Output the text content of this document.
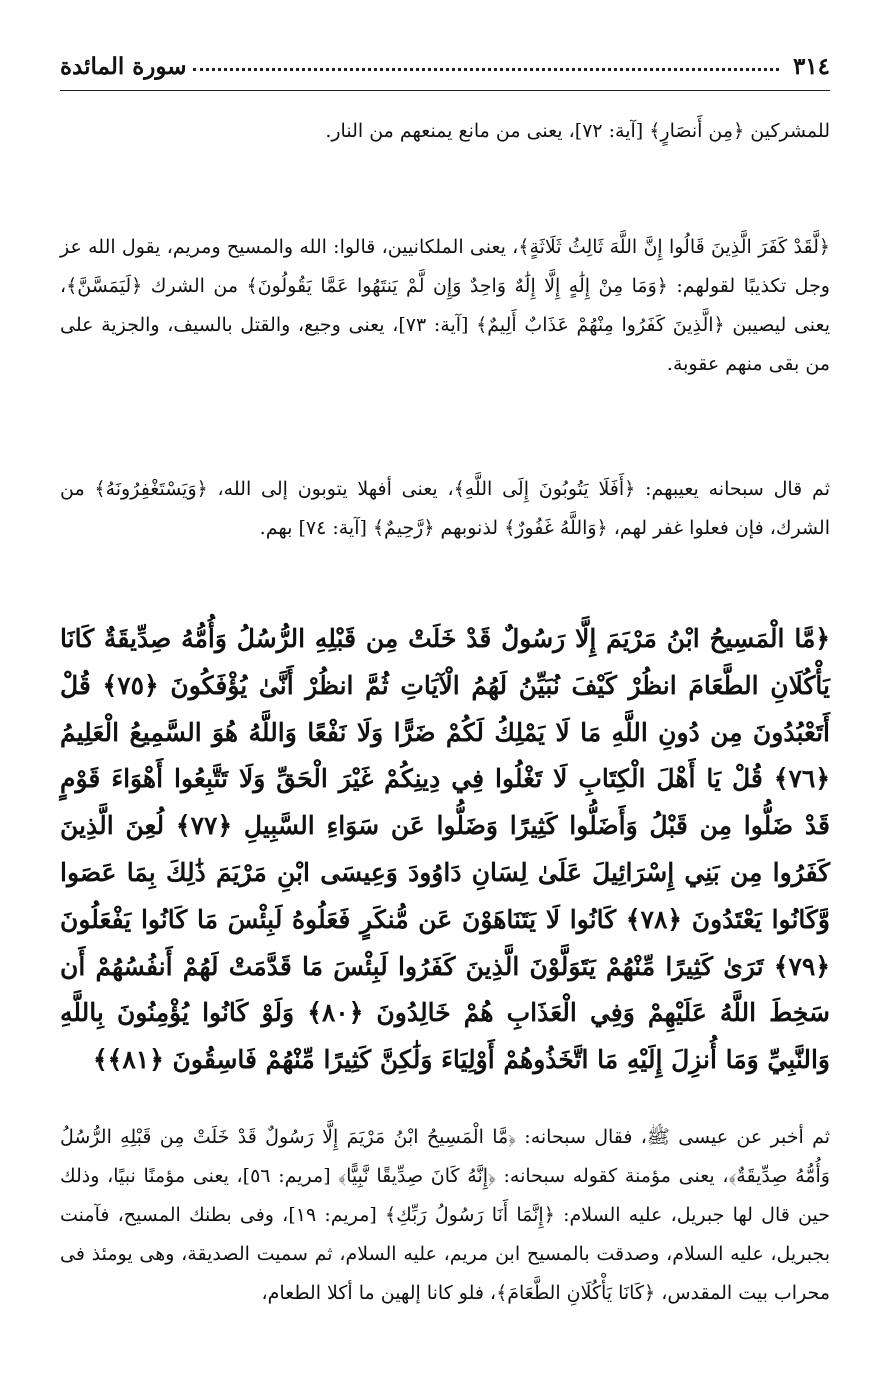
٣١٤
سورة المائدة

للمشركين ﴿مِن أَنصَارٍ﴾ [آية: ٧٢]، يعنى من مانع يمنعهم من النار.

﴿لَّقَدْ كَفَرَ الَّذِينَ قَالُوا إِنَّ اللَّهَ ثَالِثُ ثَلَاثَةٍ﴾، يعنى الملكانيين، قالوا: الله والمسيح ومريم، يقول الله عز وجل تكذيبًا لقولهم: ﴿وَمَا مِنْ إِلَٰهٍ إِلَّا إِلَٰهٌ وَاحِدٌ وَإِن لَّمْ يَنتَهُوا عَمَّا يَقُولُونَ﴾ من الشرك ﴿لَيَمَسَّنَّ﴾، يعنى ليصيبن ﴿الَّذِينَ كَفَرُوا مِنْهُمْ عَذَابٌ أَلِيمٌ﴾ [آية: ٧٣]، يعنى وجيع، والقتل بالسيف، والجزية على من بقى منهم عقوبة.

ثم قال سبحانه يعيبهم: ﴿أَفَلَا يَتُوبُونَ إِلَى اللَّهِ﴾، يعنى أفهلا يتوبون إلى الله، ﴿وَيَسْتَغْفِرُونَهُ﴾ من الشرك، فإن فعلوا غفر لهم، ﴿وَاللَّهُ غَفُورٌ﴾ لذنوبهم ﴿رَّحِيمٌ﴾ [آية: ٧٤] بهم.

﴿مَّا الْمَسِيحُ ابْنُ مَرْيَمَ إِلَّا رَسُولٌ قَدْ خَلَتْ مِن قَبْلِهِ الرُّسُلُ وَأُمُّهُ صِدِّيقَةٌ كَانَا يَأْكُلَانِ الطَّعَامَ انظُرْ كَيْفَ نُبَيِّنُ لَهُمُ الْآيَاتِ ثُمَّ انظُرْ أَنَّىٰ يُؤْفَكُونَ ﴿٧٥﴾ قُلْ أَتَعْبُدُونَ مِن دُونِ اللَّهِ مَا لَا يَمْلِكُ لَكُمْ ضَرًّا وَلَا نَفْعًا وَاللَّهُ هُوَ السَّمِيعُ الْعَلِيمُ ﴿٧٦﴾ قُلْ يَا أَهْلَ الْكِتَابِ لَا تَغْلُوا فِي دِينِكُمْ غَيْرَ الْحَقِّ وَلَا تَتَّبِعُوا أَهْوَاءَ قَوْمٍ قَدْ ضَلُّوا مِن قَبْلُ وَأَضَلُّوا كَثِيرًا وَضَلُّوا عَن سَوَاءِ السَّبِيلِ ﴿٧٧﴾ لُعِنَ الَّذِينَ كَفَرُوا مِن بَنِي إِسْرَائِيلَ عَلَىٰ لِسَانِ دَاوُودَ وَعِيسَى ابْنِ مَرْيَمَ ذَٰلِكَ بِمَا عَصَوا وَّكَانُوا يَعْتَدُونَ ﴿٧٨﴾ كَانُوا لَا يَتَنَاهَوْنَ عَن مُّنكَرٍ فَعَلُوهُ لَبِئْسَ مَا كَانُوا يَفْعَلُونَ ﴿٧٩﴾ تَرَىٰ كَثِيرًا مِّنْهُمْ يَتَوَلَّوْنَ الَّذِينَ كَفَرُوا لَبِئْسَ مَا قَدَّمَتْ لَهُمْ أَنفُسُهُمْ أَن سَخِطَ اللَّهُ عَلَيْهِمْ وَفِي الْعَذَابِ هُمْ خَالِدُونَ ﴿٨٠﴾ وَلَوْ كَانُوا يُؤْمِنُونَ بِاللَّهِ وَالنَّبِيِّ وَمَا أُنزِلَ إِلَيْهِ مَا اتَّخَذُوهُمْ أَوْلِيَاءَ وَلَٰكِنَّ كَثِيرًا مِّنْهُمْ فَاسِقُونَ ﴿٨١﴾﴾

ثم أخبر عن عيسى ﷺ، فقال سبحانه: ﴿مَّا الْمَسِيحُ ابْنُ مَرْيَمَ إِلَّا رَسُولٌ قَدْ خَلَتْ مِن قَبْلِهِ الرُّسُلُ وَأُمُّهُ صِدِّيقَةٌ﴾، يعنى مؤمنة كقوله سبحانه: ﴿إِنَّهُ كَانَ صِدِّيقًا نَّبِيًّا﴾ [مريم: ٥٦]، يعنى مؤمنًا نبيًا، وذلك حين قال لها جبريل، عليه السلام: ﴿إِنَّمَا أَنَا رَسُولُ رَبِّكِ﴾ [مريم: ١٩]، وفى بطنك المسيح، فآمنت بجبريل، عليه السلام، وصدقت بالمسيح ابن مريم، عليه السلام، ثم سميت الصديقة، وهى يومئذ فى محراب بيت المقدس، ﴿كَانَا يَأْكُلَانِ الطَّعَامَ﴾، فلو كانا إلهين ما أكلا الطعام،
